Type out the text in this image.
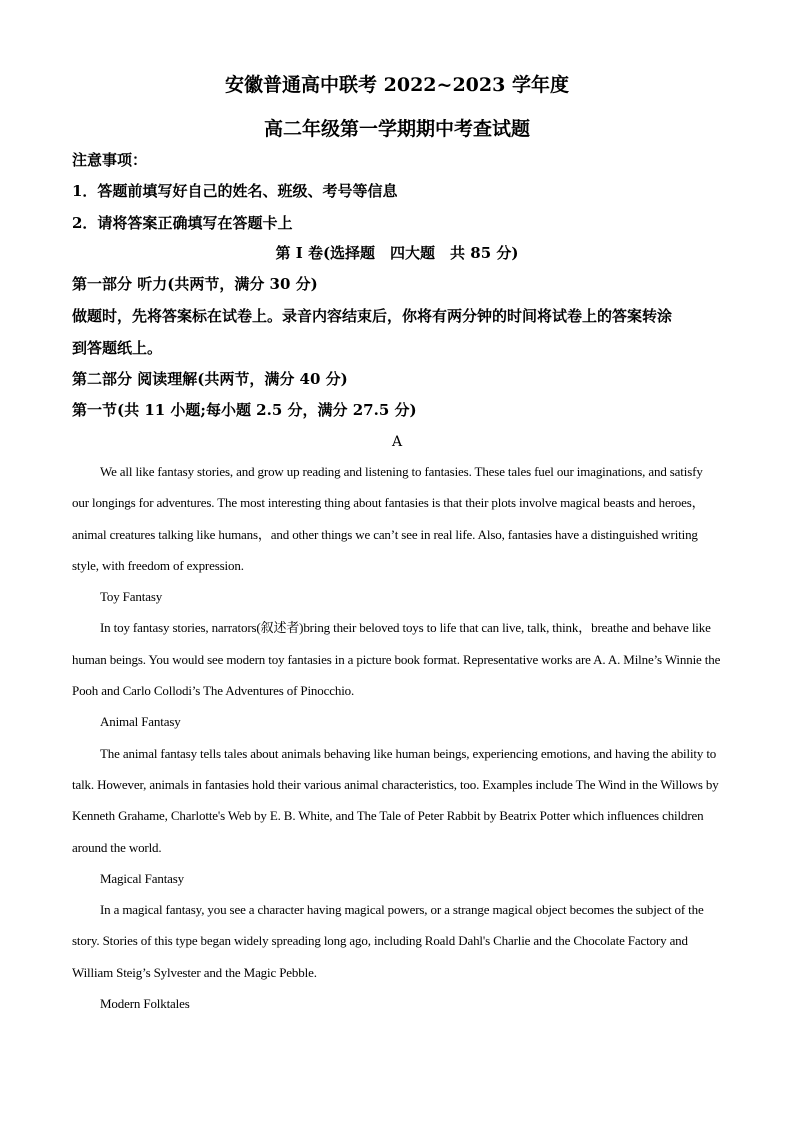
安徽普通高中联考 2022~2023 学年度
高二年级第一学期期中考查试题
注意事项：
1．答题前填写好自己的姓名、班级、考号等信息
2．请将答案正确填写在答题卡上
第 I 卷(选择题　四大题　共 85 分)
第一部分 听力(共两节，满分 30 分)
做题时，先将答案标在试卷上。录音内容结束后，你将有两分钟的时间将试卷上的答案转涂
到答题纸上。
第二部分 阅读理解(共两节，满分 40 分)
第一节(共 11 小题;每小题 2.5 分，满分 27.5 分)
A

We all like fantasy stories, and grow up reading and listening to fantasies. These tales fuel our imaginations, and satisfy our longings for adventures. The most interesting thing about fantasies is that their plots involve magical beasts and heroes，animal creatures talking like humans，and other things we can’t see in real life. Also, fantasies have a distinguished writing style, with freedom of expression.

Toy Fantasy

In toy fantasy stories, narrators(叙述者)bring their beloved toys to life that can live, talk, think，breathe and behave like human beings. You would see modern toy fantasies in a picture book format. Representative works are A. A. Milne’s Winnie the Pooh and Carlo Collodi’s The Adventures of Pinocchio.

Animal Fantasy

The animal fantasy tells tales about animals behaving like human beings, experiencing emotions, and having the ability to talk. However, animals in fantasies hold their various animal characteristics, too. Examples include The Wind in the Willows by Kenneth Grahame, Charlotte's Web by E. B. White, and The Tale of Peter Rabbit by Beatrix Potter which influences children around the world.

Magical Fantasy

In a magical fantasy, you see a character having magical powers, or a strange magical object becomes the subject of the story. Stories of this type began widely spreading long ago, including Roald Dahl's Charlie and the Chocolate Factory and William Steig’s Sylvester and the Magic Pebble.

Modern Folktales
